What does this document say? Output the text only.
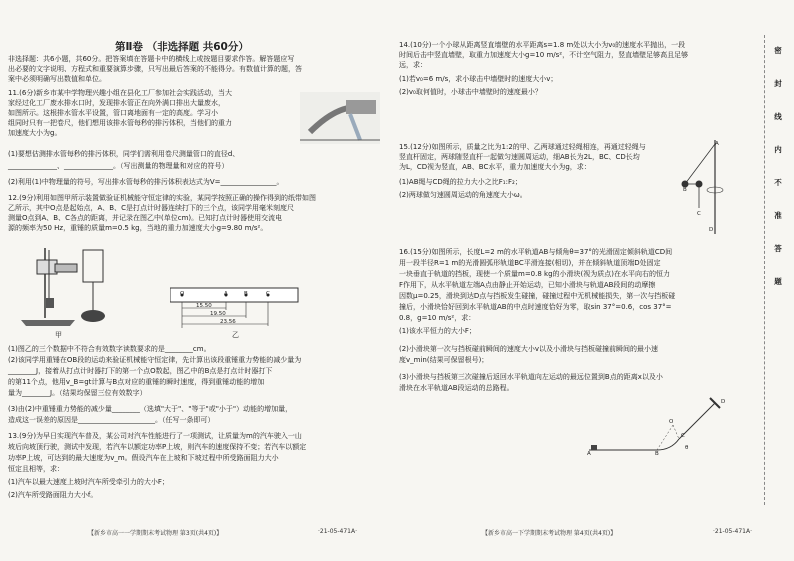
第Ⅱ卷 （非选择题 共60分）
非选择题：共6小题，共60分。把答案填在答题卡中的横线上或按题目要求作答。解答题应写
出必要的文字说明、方程式和重要演算步骤，只写出最后答案的不能得分。有数值计算的题，答
案中必须明确写出数值和单位。
11.(6分)新乡市某中学物理兴趣小组在县化工厂参加社会实践活动，当大
家经过化工厂废水排水口时，发现排水管正在向外满口排出大量废水，
如图所示。这根排水管水平设置，管口离地面有一定的高度。学习小
组同时只有一把卷尺，他们想用该排水管每秒的排污体积，当他们的重力
加速度大小为g。
(1)要想估测排水管每秒的排污体积，同学们需利用卷尺测量管口的直径d、
______________、______________。（写出测量的物理量和对应的符号）
(2)利用(1)中物理量的符号，写出排水管每秒的排污体积表达式为V=________________。
12.(9分)利用如图甲所示装置做验证机械能守恒定律的实验，某同学按照正确的操作得到的纸带如图
乙所示，其中O点是起始点，A、B、C是打点计时器连续打下的三个点，该同学用毫米刻度尺
测量O点到A、B、C各点的距离，并记录在图乙中(单位cm)。已知打点计时器使用交流电
源的频率为50 Hz，重锤的质量m=0.5 kg，当地的重力加速度大小g=9.80 m/s²。
甲
O	A	B	C
15.50
19.50
23.56
乙
(1)图乙的三个数据中不符合有效数字读数要求的是________cm。
(2)该同学用重锤在OB段的运动来验证机械能守恒定律，先计算出该段重锤重力势能的减少量为
________J，接着从打点计时器打下的第一个点O数起，图乙中的B点是打点计时器打下
的第11个点，他用v_B=gt计算与B点对应的重锤的瞬时速度，得到重锤动能的增加
量为________J。（结果均保留三位有效数字）
(3)由(2)中重锤重力势能的减少量________（选填"大于"、"等于"或"小于"）动能的增加量，
造成这一误差的原因是______________________。（任写一条即可）
13.(9分)为早日实现汽车普及，某公司对汽车性能进行了一项测试，让质量为m的汽车驶入一山
坡后向坡顶行驶，测试中发现，若汽车以额定功率P上坡，则汽车的速度保持不变；若汽车以额定
功率P上坡，可达到的最大速度为v_m。假设汽车在上坡和下坡过程中所受路面阻力大小
恒定且相等，求：
(1)汽车以最大速度上坡时汽车所受牵引力的大小F；
(2)汽车所受路面阻力大小f。
【新乡市高一一学期期末考试物理 第3页(共4页)】	·21-05-471A·
14.(10分)一个小球从距离竖直墙壁的水平距离s=1.8 m处以大小为v₀的速度水平抛出，一段
时间后击中竖直墙壁，取重力加速度大小g=10 m/s²，不计空气阻力，竖直墙壁足够高且足够
远，求：
(1)若v₀=6 m/s，求小球击中墙壁时的速度大小v；
(2)v₀取何值时，小球击中墙壁时的速度最小？
15.(12分)如图所示，质量之比为1:2的甲、乙两球通过轻绳相连，再通过轻绳与
竖直杆固定，两球随竖直杆一起做匀速圆周运动，细AB长为2L，BC、CD长均
为L，CD视为竖直，AB、BC水平，重力加速度大小为g，求：
(1)AB绳与CD绳的拉力大小之比F₁:F₂；
(2)两球做匀速圆周运动的角速度大小ω。
A
B
C
D
16.(15分)如图所示，长度L=2 m的水平轨道AB与倾角θ=37°的光滑固定倾斜轨道CD间
用一段半径R=1 m的光滑圆弧形轨道BC平滑连接(相切)，并在倾斜轨道顶端D处固定
一块垂直于轨道的挡板，现使一个质量m=0.8 kg的小滑块(视为质点)在水平向右的恒力
F作用下，从水平轨道左端A点由静止开始运动，已知小滑块与轨道AB段间的动摩擦
因数μ=0.25，滑块到达D点与挡板发生碰撞，碰撞过程中无机械能损失，第一次与挡板碰
撞后，小滑块恰好回到水平轨道AB的中点时速度恰好为零，取sin 37°=0.6，cos 37°=
0.8，g=10 m/s²，求：
(1)该水平恒力的大小F；
(2)小滑块第一次与挡板碰前瞬间的速度大小v以及小滑块与挡板碰撞前瞬间的最小速
度v_min(结果可保留根号)；
(3)小滑块与挡板第三次碰撞后返回水平轨道向左运动的最远位置到B点的距离x以及小
滑块在水平轨道AB段运动的总路程。
A	B
C
D
O
θ
【新乡市高一下学期期末考试物理 第4页(共4页)】	·21-05-471A·
密
封
线
内
不
准
答
题
